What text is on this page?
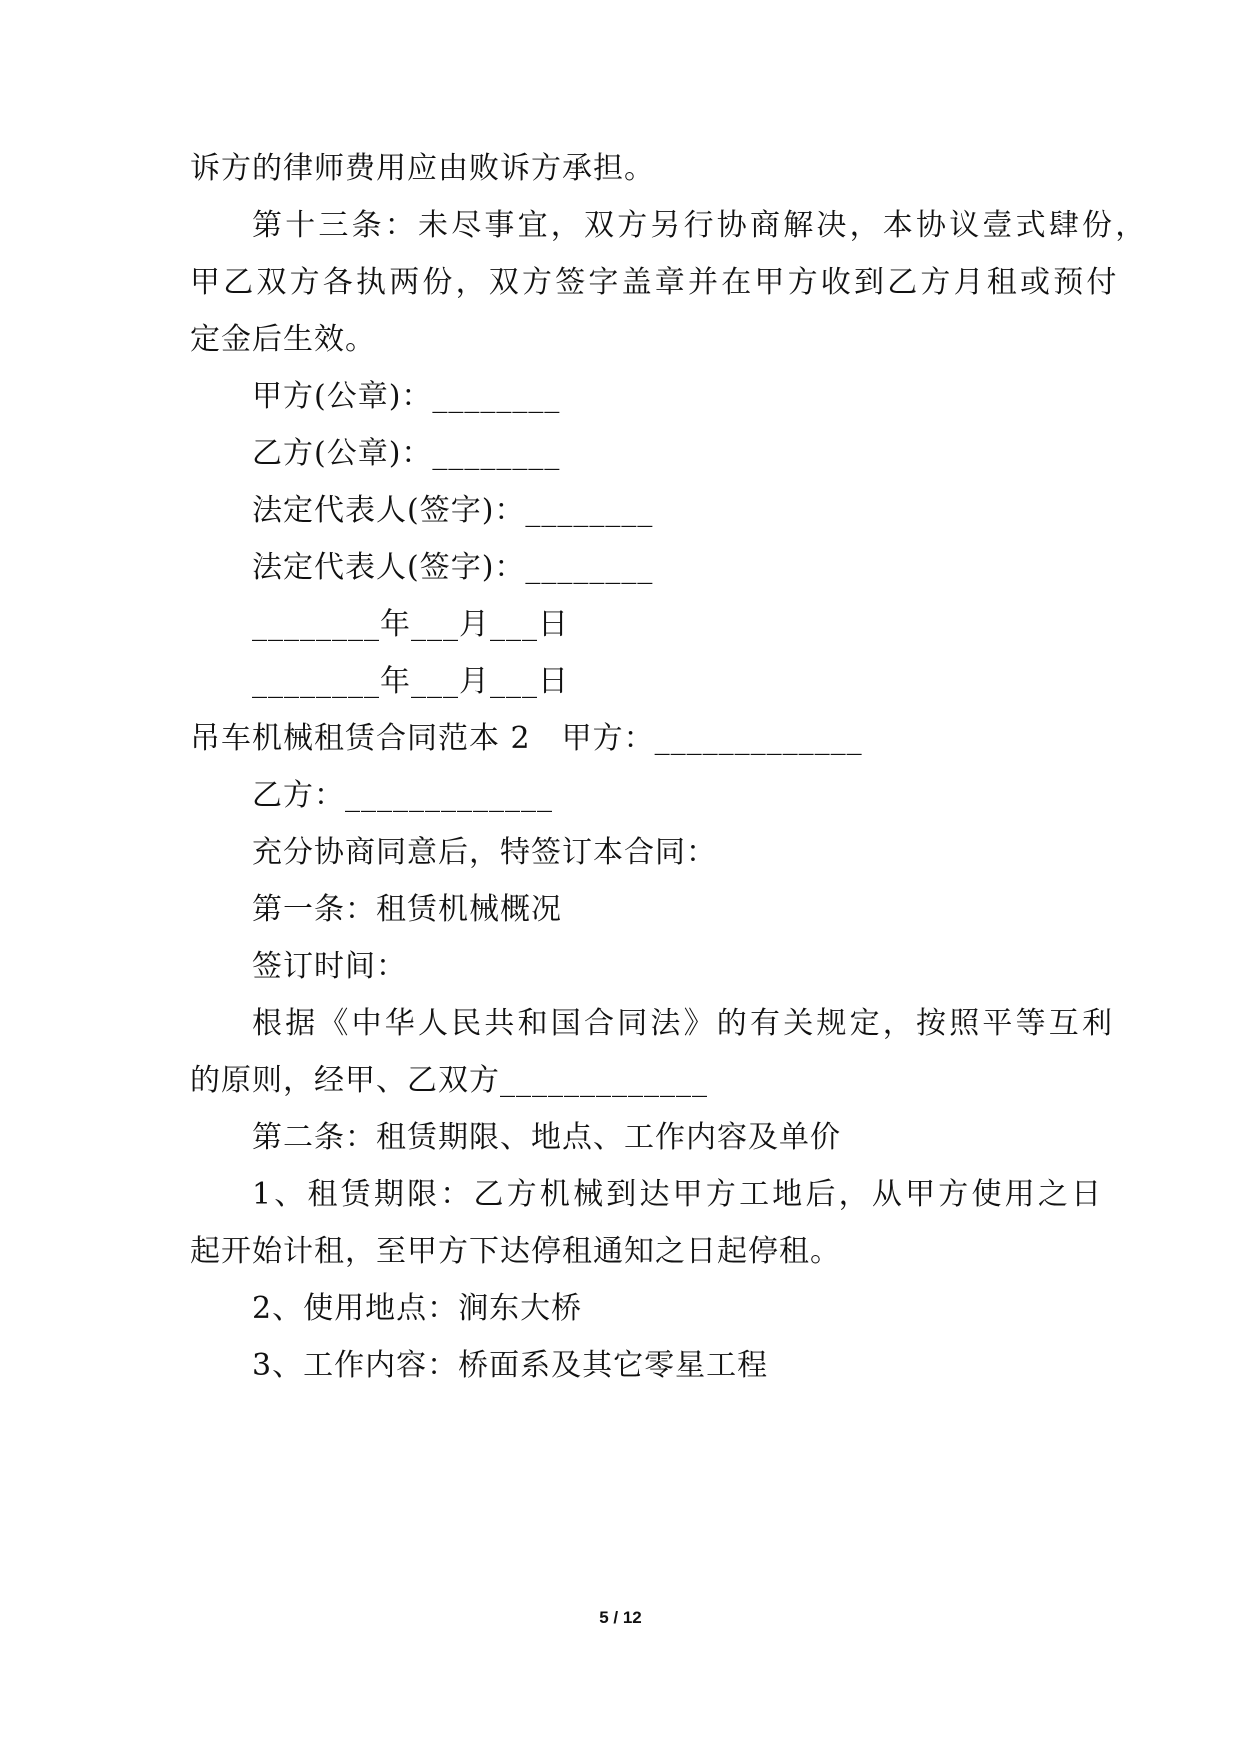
诉方的律师费用应由败诉方承担。
第十三条：未尽事宜，双方另行协商解决，本协议壹式肆份，
甲乙双方各执两份，双方签字盖章并在甲方收到乙方月租或预付
定金后生效。
甲方(公章)：________
乙方(公章)：________
法定代表人(签字)：________
法定代表人(签字)：________
________年___月___日
________年___月___日
吊车机械租赁合同范本 2　甲方：_____________
乙方：_____________
充分协商同意后，特签订本合同：
第一条：租赁机械概况
签订时间：
根据《中华人民共和国合同法》的有关规定，按照平等互利
的原则，经甲、乙双方_____________
第二条：租赁期限、地点、工作内容及单价
1、租赁期限：乙方机械到达甲方工地后，从甲方使用之日
起开始计租，至甲方下达停租通知之日起停租。
2、使用地点：涧东大桥
3、工作内容：桥面系及其它零星工程
5 / 12
